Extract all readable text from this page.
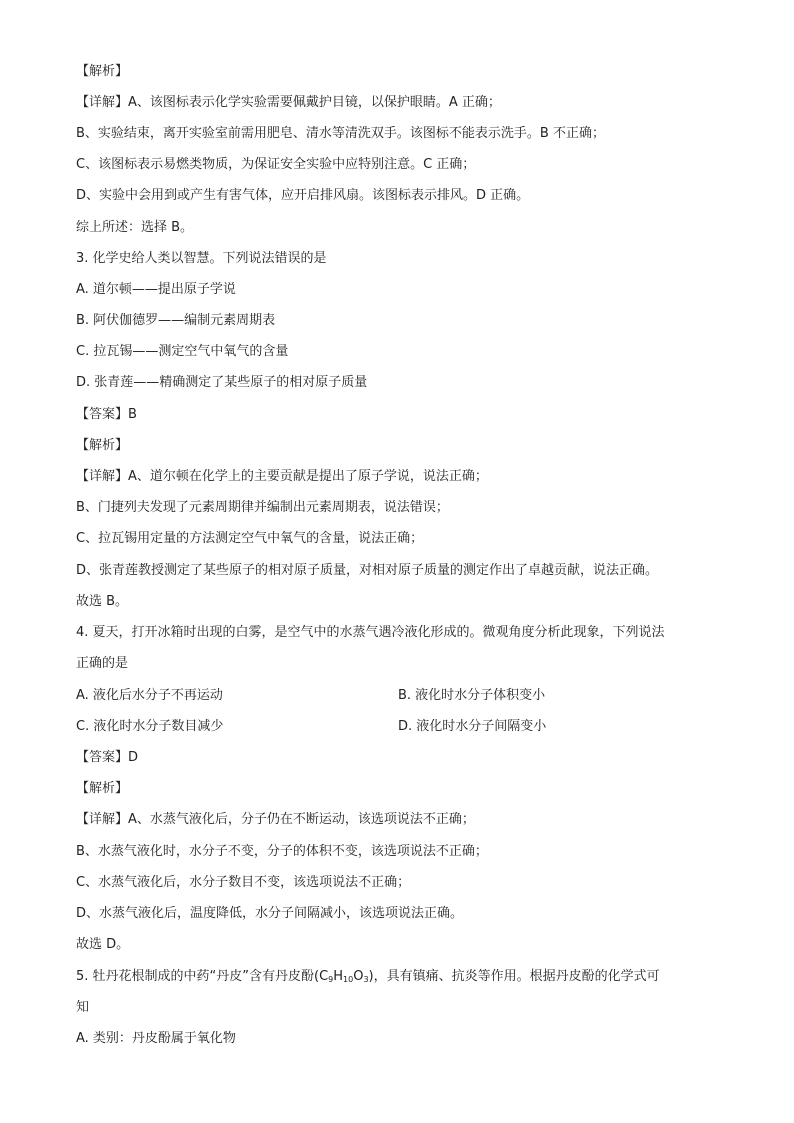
【解析】
【详解】A、该图标表示化学实验需要佩戴护目镜，以保护眼睛。A 正确；
B、实验结束，离开实验室前需用肥皂、清水等清洗双手。该图标不能表示洗手。B 不正确；
C、该图标表示易燃类物质，为保证安全实验中应特别注意。C 正确；
D、实验中会用到或产生有害气体，应开启排风扇。该图标表示排风。D 正确。
综上所述：选择 B。
3. 化学史给人类以智慧。下列说法错误的是
A. 道尔顿——提出原子学说
B. 阿伏伽德罗——编制元素周期表
C. 拉瓦锡——测定空气中氧气的含量
D. 张青莲——精确测定了某些原子的相对原子质量
【答案】B
【解析】
【详解】A、道尔顿在化学上的主要贡献是提出了原子学说，说法正确；
B、门捷列夫发现了元素周期律并编制出元素周期表，说法错误；
C、拉瓦锡用定量的方法测定空气中氧气的含量，说法正确；
D、张青莲教授测定了某些原子的相对原子质量，对相对原子质量的测定作出了卓越贡献，说法正确。
故选 B。
4. 夏天，打开冰箱时出现的白雾，是空气中的水蒸气遇冷液化形成的。微观角度分析此现象，下列说法
正确的是
A. 液化后水分子不再运动	B. 液化时水分子体积变小
C. 液化时水分子数目减少	D. 液化时水分子间隔变小
【答案】D
【解析】
【详解】A、水蒸气液化后，分子仍在不断运动，该选项说法不正确；
B、水蒸气液化时，水分子不变，分子的体积不变，该选项说法不正确；
C、水蒸气液化后，水分子数目不变，该选项说法不正确；
D、水蒸气液化后，温度降低，水分子间隔减小，该选项说法正确。
故选 D。
5. 牡丹花根制成的中药“丹皮”含有丹皮酚$(C_9H_{10}O_3)$，具有镇痛、抗炎等作用。根据丹皮酚的化学式可
知
A. 类别：丹皮酚属于氧化物
